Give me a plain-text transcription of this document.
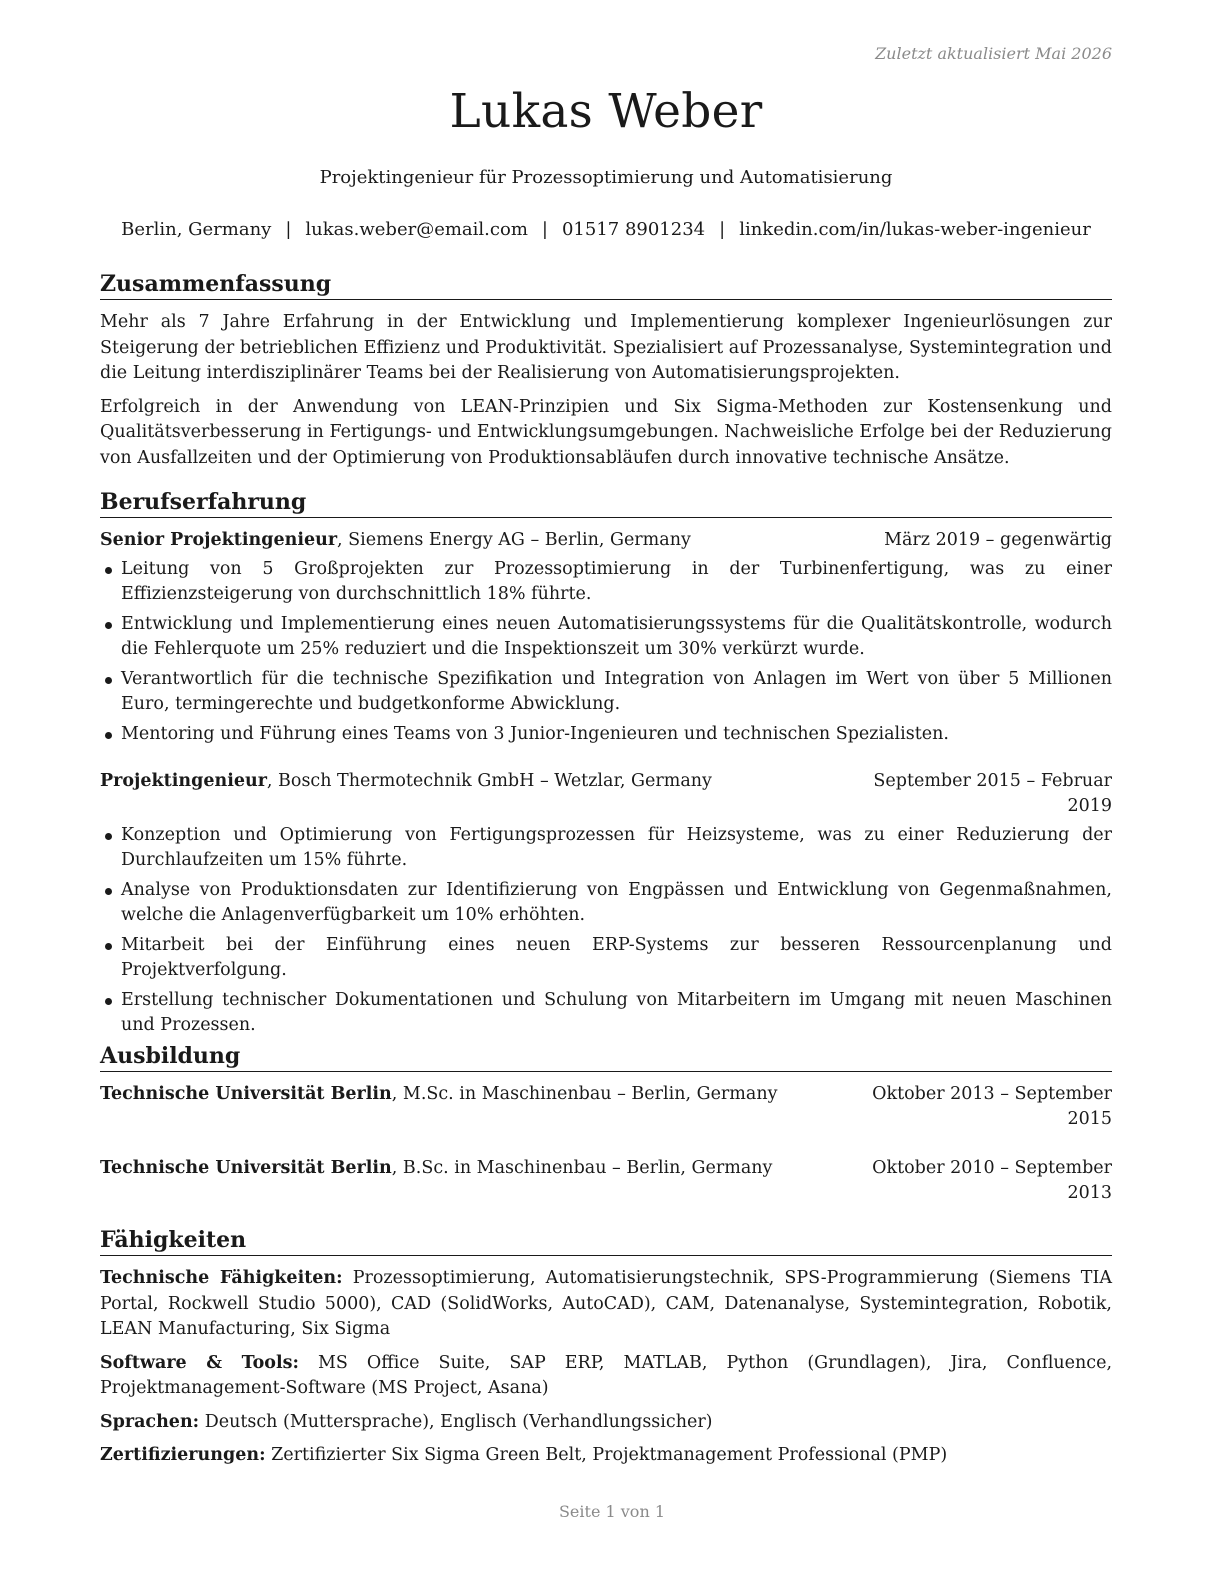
Zuletzt aktualisiert Mai 2026
Lukas Weber
Projektingenieur für Prozessoptimierung und Automatisierung
Berlin, Germany | lukas.weber@email.com | 01517 8901234 | linkedin.com/in/lukas-weber-ingenieur
Zusammenfassung

Mehr als 7 Jahre Erfahrung in der Entwicklung und Implementierung komplexer Ingenieurlösungen zur Steigerung der betrieblichen Effizienz und Produktivität. Spezialisiert auf Prozessanalyse, Systemintegration und die Leitung interdisziplinärer Teams bei der Realisierung von Automatisierungsprojekten.

Erfolgreich in der Anwendung von LEAN-Prinzipien und Six Sigma-Methoden zur Kostensenkung und Qualitätsverbesserung in Fertigungs- und Entwicklungsumgebungen. Nachweisliche Erfolge bei der Reduzierung von Ausfallzeiten und der Optimierung von Produktionsabläufen durch innovative technische Ansätze.

Berufserfahrung
Senior Projektingenieur, Siemens Energy AG – Berlin, Germany	März 2019 – gegenwärtig
Leitung von 5 Großprojekten zur Prozessoptimierung in der Turbinenfertigung, was zu einer Effizienzsteigerung von durchschnittlich 18% führte.
Entwicklung und Implementierung eines neuen Automatisierungssystems für die Qualitätskontrolle, wodurch die Fehlerquote um 25% reduziert und die Inspektionszeit um 30% verkürzt wurde.
Verantwortlich für die technische Spezifikation und Integration von Anlagen im Wert von über 5 Millionen Euro, termingerechte und budgetkonforme Abwicklung.
Mentoring und Führung eines Teams von 3 Junior-Ingenieuren und technischen Spezialisten.
Projektingenieur, Bosch Thermotechnik GmbH – Wetzlar, Germany	September 2015 – Februar 2019
Konzeption und Optimierung von Fertigungsprozessen für Heizsysteme, was zu einer Reduzierung der Durchlaufzeiten um 15% führte.
Analyse von Produktionsdaten zur Identifizierung von Engpässen und Entwicklung von Gegenmaßnahmen, welche die Anlagenverfügbarkeit um 10% erhöhten.
Mitarbeit bei der Einführung eines neuen ERP-Systems zur besseren Ressourcenplanung und Projektverfolgung.
Erstellung technischer Dokumentationen und Schulung von Mitarbeitern im Umgang mit neuen Maschinen und Prozessen.
Ausbildung
Technische Universität Berlin, M.Sc. in Maschinenbau – Berlin, Germany	Oktober 2013 – September 2015
Technische Universität Berlin, B.Sc. in Maschinenbau – Berlin, Germany	Oktober 2010 – September 2013
Fähigkeiten
Technische Fähigkeiten: Prozessoptimierung, Automatisierungstechnik, SPS-Programmierung (Siemens TIA Portal, Rockwell Studio 5000), CAD (SolidWorks, AutoCAD), CAM, Datenanalyse, Systemintegration, Robotik, LEAN Manufacturing, Six Sigma
Software & Tools: MS Office Suite, SAP ERP, MATLAB, Python (Grundlagen), Jira, Confluence, Projektmanagement-Software (MS Project, Asana)
Sprachen: Deutsch (Muttersprache), Englisch (Verhandlungssicher)
Zertifizierungen: Zertifizierter Six Sigma Green Belt, Projektmanagement Professional (PMP)
Seite 1 von 1
